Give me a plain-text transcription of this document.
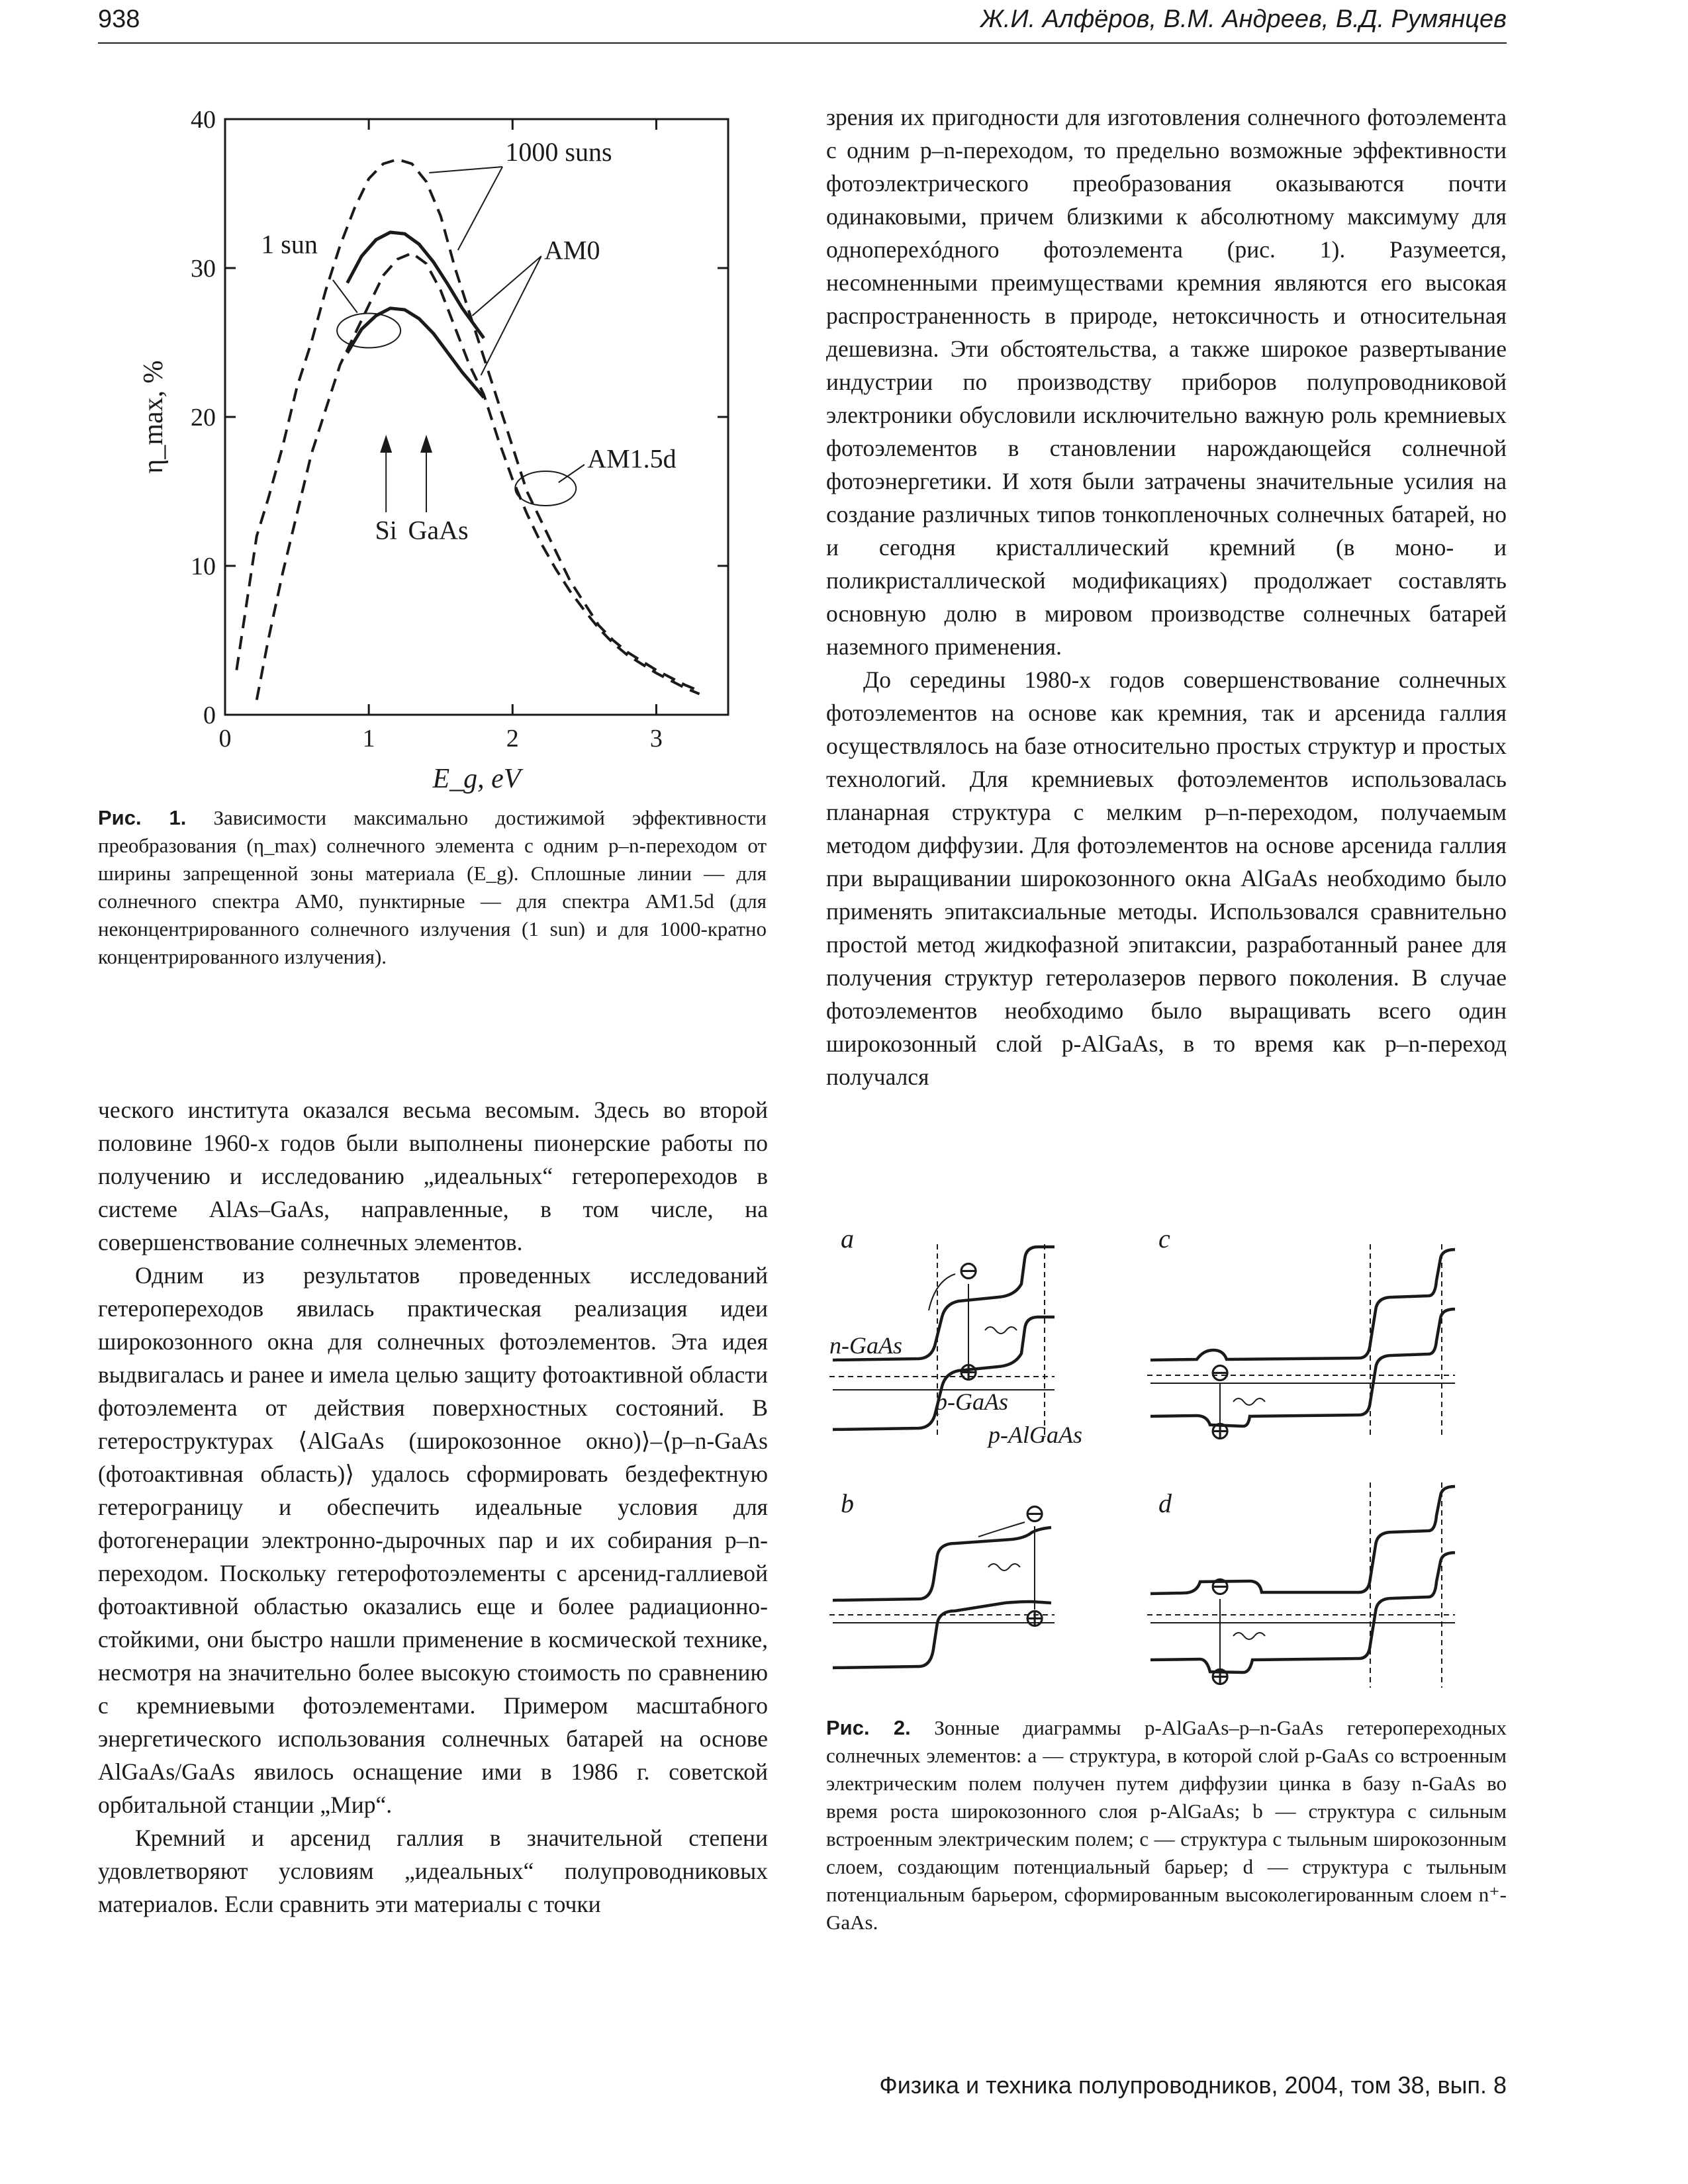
938	Ж.И. Алфёров, В.М. Андреев, В.Д. Румянцев
0	1	2	3
0
10
20
30
40
E_g, eV
η_max, %
1000 suns
1 sun	AM0
AM1.5d
Si GaAs

Рис. 1. Зависимости максимально достижимой эффективности преобразования (η_max) солнечного элемента с одним p–n-переходом от ширины запрещенной зоны материала (E_g). Сплошные линии — для солнечного спектра AM0, пунктирные — для спектра AM1.5d (для неконцентрированного солнечного излучения (1 sun) и для 1000-кратно концентрированного излучения).

ческого института оказался весьма весомым. Здесь во второй половине 1960-х годов были выполнены пионерские работы по получению и исследованию „идеальных“ гетеропереходов в системе AlAs–GaAs, направленные, в том числе, на совершенствование солнечных элементов.

Одним из результатов проведенных исследований гетеропереходов явилась практическая реализация идеи широкозонного окна для солнечных фотоэлементов. Эта идея выдвигалась и ранее и имела целью защиту фотоактивной области фотоэлемента от действия поверхностных состояний. В гетероструктурах ⟨AlGaAs (широкозонное окно)⟩–⟨p–n-GaAs (фотоактивная область)⟩ удалось сформировать бездефектную гетерограницу и обеспечить идеальные условия для фотогенерации электронно-дырочных пар и их собирания p–n-переходом. Поскольку гетерофотоэлементы с арсенид-галлиевой фотоактивной областью оказались еще и более радиационно-стойкими, они быстро нашли применение в космической технике, несмотря на значительно более высокую стоимость по сравнению с кремниевыми фотоэлементами. Примером масштабного энергетического использования солнечных батарей на основе AlGaAs/GaAs явилось оснащение ими в 1986 г. советской орбитальной станции „Мир“.

Кремний и арсенид галлия в значительной степени удовлетворяют условиям „идеальных“ полупроводниковых материалов. Если сравнить эти материалы с точки

зрения их пригодности для изготовления солнечного фотоэлемента с одним p–n-переходом, то предельно возможные эффективности фотоэлектрического преобразования оказываются почти одинаковыми, причем близкими к абсолютному максимуму для однопереxóдного фотоэлемента (рис. 1). Разумеется, несомненными преимуществами кремния являются его высокая распространенность в природе, нетоксичность и относительная дешевизна. Эти обстоятельства, а также широкое развертывание индустрии по производству приборов полупроводниковой электроники обусловили исключительно важную роль кремниевых фотоэлементов в становлении нарождающейся солнечной фотоэнергетики. И хотя были затрачены значительные усилия на создание различных типов тонкопленочных солнечных батарей, но и сегодня кристаллический кремний (в моно- и поликристаллической модификациях) продолжает составлять основную долю в мировом производстве солнечных батарей наземного применения.

До середины 1980-х годов совершенствование солнечных фотоэлементов на основе как кремния, так и арсенида галлия осуществлялось на базе относительно простых структур и простых технологий. Для кремниевых фотоэлементов использовалась планарная структура с мелким p–n-переходом, получаемым методом диффузии. Для фотоэлементов на основе арсенида галлия при выращивании широкозонного окна AlGaAs необходимо было применять эпитаксиальные методы. Использовался сравнительно простой метод жидкофазной эпитаксии, разработанный ранее для получения структур гетеролазеров первого поколения. В случае фотоэлементов необходимо было выращивать всего один широкозонный слой p-AlGaAs, в то время как p–n-переход получался

a
⊖
⊕
n-GaAs
p-GaAs
p-AlGaAs
c
⊖
⊕
b	⊖
⊕
d
⊖
⊕

Рис. 2. Зонные диаграммы p-AlGaAs–p–n-GaAs гетеропереходных солнечных элементов: a — структура, в которой слой p-GaAs со встроенным электрическим полем получен путем диффузии цинка в базу n-GaAs во время роста широкозонного слоя p-AlGaAs; b — структура с сильным встроенным электрическим полем; c — структура с тыльным широкозонным слоем, создающим потенциальный барьер; d — структура с тыльным потенциальным барьером, сформированным высоколегированным слоем n⁺-GaAs.

Физика и техника полупроводников, 2004, том 38, вып. 8
